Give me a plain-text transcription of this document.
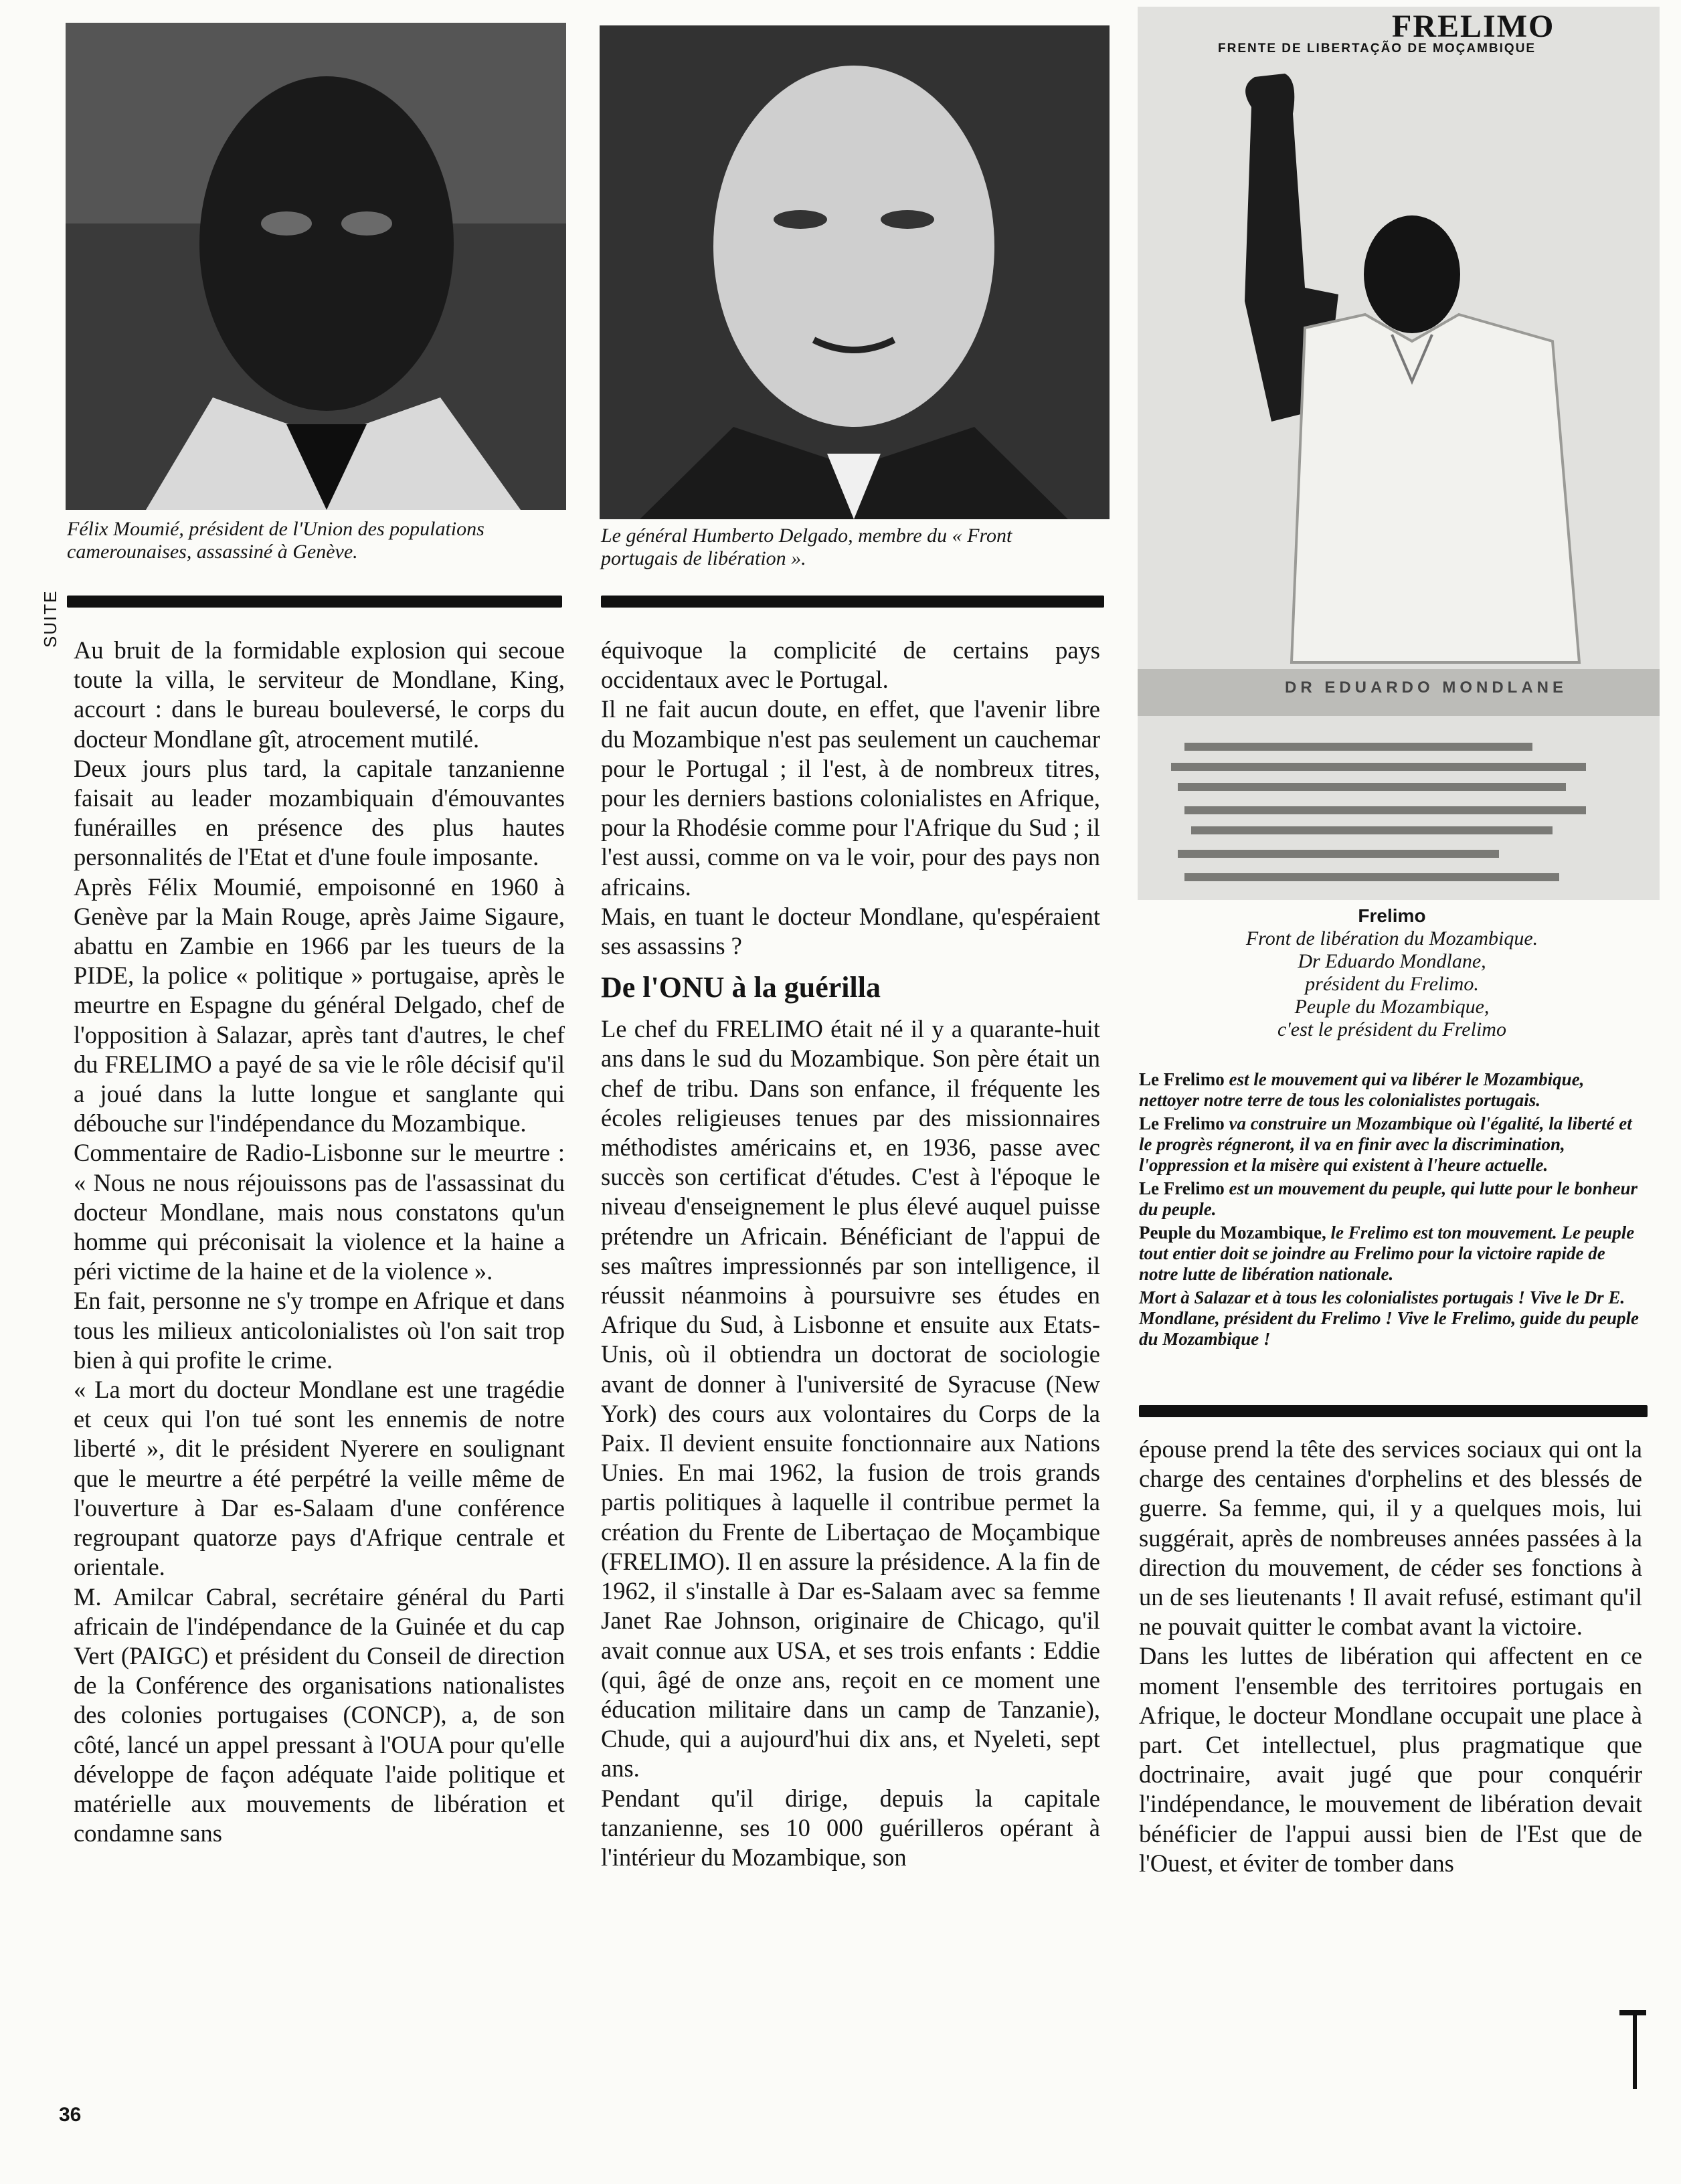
Félix Moumié, président de l'Union des populations camerounaises, assassiné à Genève.
Le général Humberto Delgado, membre du « Front portugais de libération ».
FRELIMO
FRENTE DE LIBERTAÇÃO DE MOÇAMBIQUE
DR EDUARDO MONDLANE
Frelimo
Front de libération du Mozambique.
Dr Eduardo Mondlane,
président du Frelimo.
Peuple du Mozambique,
c'est le président du Frelimo

Le Frelimo est le mouvement qui va libérer le Mozambique, nettoyer notre terre de tous les colonialistes portugais.

Le Frelimo va construire un Mozambique où l'égalité, la liberté et le progrès régneront, il va en finir avec la discrimination, l'oppression et la misère qui existent à l'heure actuelle.

Le Frelimo est un mouvement du peuple, qui lutte pour le bonheur du peuple.

Peuple du Mozambique, le Frelimo est ton mouvement. Le peuple tout entier doit se joindre au Frelimo pour la victoire rapide de notre lutte de libération nationale.

Mort à Salazar et à tous les colonialistes portugais ! Vive le Dr E. Mondlane, président du Frelimo ! Vive le Frelimo, guide du peuple du Mozambique !

SUITE

Au bruit de la formidable explosion qui secoue toute la villa, le serviteur de Mondlane, King, accourt : dans le bureau bouleversé, le corps du docteur Mondlane gît, atrocement mutilé.

Deux jours plus tard, la capitale tanzanienne faisait au leader mozambiquain d'émouvantes funérailles en présence des plus hautes personnalités de l'Etat et d'une foule imposante.

Après Félix Moumié, empoisonné en 1960 à Genève par la Main Rouge, après Jaime Sigaure, abattu en Zambie en 1966 par les tueurs de la PIDE, la police « politique » portugaise, après le meurtre en Espagne du général Delgado, chef de l'opposition à Salazar, après tant d'autres, le chef du FRELIMO a payé de sa vie le rôle décisif qu'il a joué dans la lutte longue et sanglante qui débouche sur l'indépendance du Mozambique.

Commentaire de Radio-Lisbonne sur le meurtre : « Nous ne nous réjouissons pas de l'assassinat du docteur Mondlane, mais nous constatons qu'un homme qui préconisait la violence et la haine a péri victime de la haine et de la violence ».

En fait, personne ne s'y trompe en Afrique et dans tous les milieux anticolonialistes où l'on sait trop bien à qui profite le crime.

« La mort du docteur Mondlane est une tragédie et ceux qui l'on tué sont les ennemis de notre liberté », dit le président Nyerere en soulignant que le meurtre a été perpétré la veille même de l'ouverture à Dar es-Salaam d'une conférence regroupant quatorze pays d'Afrique centrale et orientale.

M. Amilcar Cabral, secrétaire général du Parti africain de l'indépendance de la Guinée et du cap Vert (PAIGC) et président du Conseil de direction de la Conférence des organisations nationalistes des colonies portugaises (CONCP), a, de son côté, lancé un appel pressant à l'OUA pour qu'elle développe de façon adéquate l'aide politique et matérielle aux mouvements de libération et condamne sans

équivoque la complicité de certains pays occidentaux avec le Portugal.

Il ne fait aucun doute, en effet, que l'avenir libre du Mozambique n'est pas seulement un cauchemar pour le Portugal ; il l'est, à de nombreux titres, pour les derniers bastions colonialistes en Afrique, pour la Rhodésie comme pour l'Afrique du Sud ; il l'est aussi, comme on va le voir, pour des pays non africains.

Mais, en tuant le docteur Mondlane, qu'espéraient ses assassins ?

De l'ONU à la guérilla

Le chef du FRELIMO était né il y a quarante-huit ans dans le sud du Mozambique. Son père était un chef de tribu. Dans son enfance, il fréquente les écoles religieuses tenues par des missionnaires méthodistes américains et, en 1936, passe avec succès son certificat d'études. C'est à l'époque le niveau d'enseignement le plus élevé auquel puisse prétendre un Africain. Bénéficiant de l'appui de ses maîtres impressionnés par son intelligence, il réussit néanmoins à poursuivre ses études en Afrique du Sud, à Lisbonne et ensuite aux Etats-Unis, où il obtiendra un doctorat de sociologie avant de donner à l'université de Syracuse (New York) des cours aux volontaires du Corps de la Paix. Il devient ensuite fonctionnaire aux Nations Unies. En mai 1962, la fusion de trois grands partis politiques à laquelle il contribue permet la création du Frente de Libertaçao de Moçambique (FRELIMO). Il en assure la présidence. A la fin de 1962, il s'installe à Dar es-Salaam avec sa femme Janet Rae Johnson, originaire de Chicago, qu'il avait connue aux USA, et ses trois enfants : Eddie (qui, âgé de onze ans, reçoit en ce moment une éducation militaire dans un camp de Tanzanie), Chude, qui a aujourd'hui dix ans, et Nyeleti, sept ans.

Pendant qu'il dirige, depuis la capitale tanzanienne, ses 10 000 guérilleros opérant à l'intérieur du Mozambique, son

épouse prend la tête des services sociaux qui ont la charge des centaines d'orphelins et des blessés de guerre. Sa femme, qui, il y a quelques mois, lui suggérait, après de nombreuses années passées à la direction du mouvement, de céder ses fonctions à un de ses lieutenants ! Il avait refusé, estimant qu'il ne pouvait quitter le combat avant la victoire.

Dans les luttes de libération qui affectent en ce moment l'ensemble des territoires portugais en Afrique, le docteur Mondlane occupait une place à part. Cet intellectuel, plus pragmatique que doctrinaire, avait jugé que pour conquérir l'indépendance, le mouvement de libération devait bénéficier de l'appui aussi bien de l'Est que de l'Ouest, et éviter de tomber dans

36
